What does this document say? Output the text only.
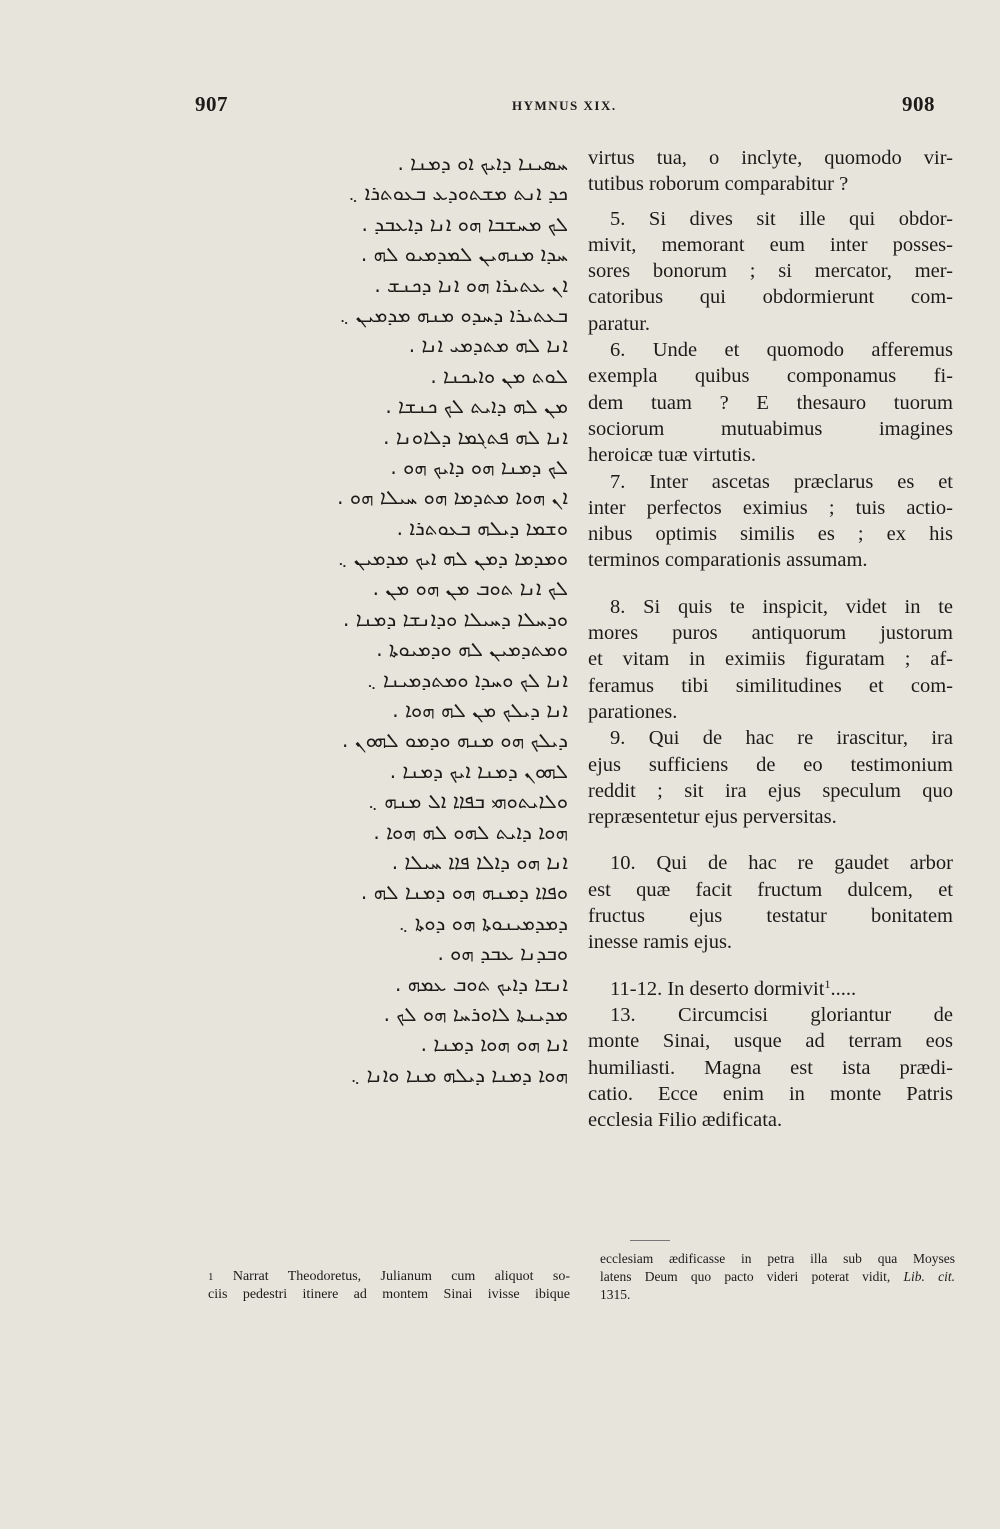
907	HYMNUS XIX.	908
ܚܣܝܢܐ ܕܐܝܟ ܐܘ ܕܡܢܐ .
ܟܕ ܐܢܬ ܡܫܬܘܕܥ ܒܥܘܬܪܐ ܆
ܠܟ ܡܚܫܒܐ ܗܘ ܐܢܐ ܕܐܥܒܕ .
ܚܕܐ ܡܢܗܝܢ ܠܡܕܡܝܘ ܠܗ .
ܐܢ ܥܬܝܪܐ ܗܘ ܐܢܐ ܕܟܢܫ .
ܒܥܬܝܪܐ ܕܚܕܘ ܡܢܗ ܡܕܡܝܢ ܆
ܐܢܐ ܠܗ ܡܬܕܡܝ ܐܢܐ .
ܠܘܬ ܡܢ ܘܐܝܟܢܐ .
ܡܢ ܠܗ ܕܐܝܬ ܠܟ ܟܢܫܐ .
ܐܢܐ ܠܗ ܦܬܓܡܐ ܕܠܐܘܢܐ .
ܠܟ ܕܡܢܐ ܗܘ ܕܐܝܟ ܗܘ .
ܐܢ ܗܘܐ ܡܬܕܡܐ ܗܘ ܚܝܠܐ ܗܘ .
ܘܫܡܐ ܕܝܠܗ ܒܥܘܬܪܐ .
ܘܡܕܡܐ ܕܡܢ ܠܗ ܐܝܟ ܡܕܡܝܢ ܆
ܠܟ ܐܢܐ ܬܘܒ ܡܢ ܗܘ ܡܢ .
ܘܕܚܠܐ ܕܚܝܠܐ ܘܕܐܢܫܐ ܕܡܢܐ .
ܘܡܬܕܡܝܢ ܠܗ ܘܕܡܝܘܬܐ .
ܐܢܐ ܠܟ ܘܚܕܐ ܘܡܬܕܡܝܢܐ ܆
ܐܢܐ ܕܝܠܟ ܡܢ ܠܗ ܗܘܐ .
ܕܝܠܟ ܗܘ ܡܢܗ ܘܕܡܘ ܠܗܘܢ .
ܠܗܘܢ ܕܡܢܐ ܐܝܟ ܕܡܢܐ .
ܘܠܐܝܬܘܗܝ ܒܦܐܐ ܐܠ ܡܢܗ ܆
ܗܘܐ ܕܐܝܬ ܠܗܘ ܠܗ ܗܘܐ .
ܐܢܐ ܗܘ ܕܐܠܐ ܦܐܐ ܚܝܠܐ .
ܘܦܐܐ ܕܡܢܗ ܗܘ ܕܡܢܐ ܠܗ .
ܕܡܕܡܝܢܘܬܐ ܗܘ ܕܘܬܐ ܆
ܘܒܕܢܐ ܥܒܕ ܗܘ .
ܐܢܫܐ ܕܐܝܟ ܬܘܒ ܥܡܗ .
ܡܕܝܢܬܐ ܠܐܘܪܚܐ ܗܘ ܠܟ .
ܐܢܐ ܗܘ ܗܘܐ ܕܡܢܐ .
ܗܘܐ ܕܡܢܐ ܕܝܠܗ ܡܢܐ ܘܐܢܐ ܆
virtus tua, o inclyte, quomodo vir-
tutibus roborum comparabitur ?
5. Si dives sit ille qui obdor-
mivit, memorant eum inter posses-
sores bonorum ; si mercator, mer-
catoribus qui obdormierunt com-
paratur.
6. Unde et quomodo afferemus
exempla quibus componamus fi-
dem tuam ? E thesauro tuorum
sociorum mutuabimus imagines
heroicæ tuæ virtutis.
7. Inter ascetas præclarus es et
inter perfectos eximius ; tuis actio-
nibus optimis similis es ; ex his
terminos comparationis assumam.
8. Si quis te inspicit, videt in te
mores puros antiquorum justorum
et vitam in eximiis figuratam ; af-
feramus tibi similitudines et com-
parationes.
9. Qui de hac re irascitur, ira
ejus sufficiens de eo testimonium
reddit ; sit ira ejus speculum quo
repræsentetur ejus perversitas.
10. Qui de hac re gaudet arbor
est quæ facit fructum dulcem, et
fructus ejus testatur bonitatem
inesse ramis ejus.
11-12. In deserto dormivit$^1$.....
13. Circumcisi gloriantur de
monte Sinai, usque ad terram eos
humiliasti. Magna est ista prædi-
catio. Ecce enim in monte Patris
ecclesia Filio ædificata.
1 Narrat Theodoretus, Julianum cum aliquot so-
ciis pedestri itinere ad montem Sinai ivisse ibique
ecclesiam ædificasse in petra illa sub qua Moyses
latens Deum quo pacto videri poterat vidit, Lib. cit.
1315.
